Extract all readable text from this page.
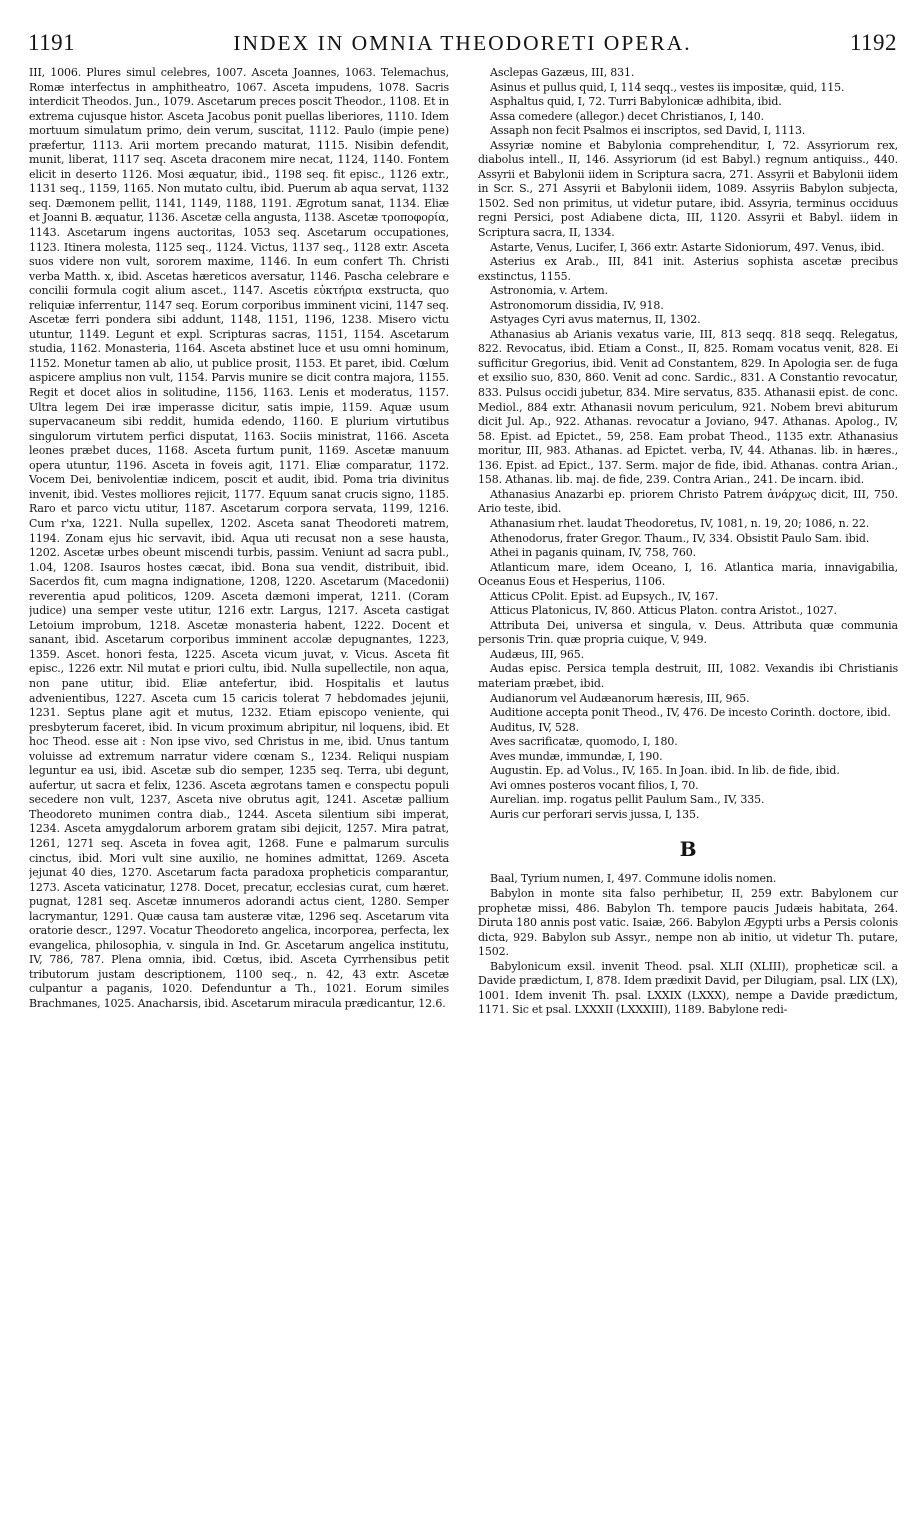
1191	INDEX IN OMNIA THEODORETI OPERA.	1192

III, 1006. Plures simul celebres, 1007. Asceta Joannes, 1063. Telemachus, Romæ interfectus in amphitheatro, 1067. Asceta impudens, 1078. Sacris interdicit Theodos. Jun., 1079. Ascetarum preces poscit Theodor., 1108. Et in extrema cujusque histor. Asceta Jacobus ponit puellas liberiores, 1110. Idem mortuum simulatum primo, dein verum, suscitat, 1112. Paulo (impie pene) præfertur, 1113. Arii mortem precando maturat, 1115. Nisibin defendit, munit, liberat, 1117 seq. Asceta draconem mire necat, 1124, 1140. Fontem elicit in deserto 1126. Mosi æquatur, ibid., 1198 seq. fit episc., 1126 extr., 1131 seq., 1159, 1165. Non mutato cultu, ibid. Puerum ab aqua servat, 1132 seq. Dæmonem pellit, 1141, 1149, 1188, 1191. Ægrotum sanat, 1134. Eliæ et Joanni B. æquatur, 1136. Ascetæ cella angusta, 1138. Ascetæ τροποφορία, 1143. Ascetarum ingens auctoritas, 1053 seq. Ascetarum occupationes, 1123. Itinera molesta, 1125 seq., 1124. Victus, 1137 seq., 1128 extr. Asceta suos videre non vult, sororem maxime, 1146. In eum confert Th. Christi verba Matth. x, ibid. Ascetas hæreticos aversatur, 1146. Pascha celebrare e concilii formula cogit alium ascet., 1147. Ascetis εὐκτήρια exstructa, quo reliquiæ inferrentur, 1147 seq. Eorum corporibus imminent vicini, 1147 seq. Ascetæ ferri pondera sibi addunt, 1148, 1151, 1196, 1238. Misero victu utuntur, 1149. Legunt et expl. Scripturas sacras, 1151, 1154. Ascetarum studia, 1162. Monasteria, 1164. Asceta abstinet luce et usu omni hominum, 1152. Monetur tamen ab alio, ut publice prosit, 1153. Et paret, ibid. Cœlum aspicere amplius non vult, 1154. Parvis munire se dicit contra majora, 1155. Regit et docet alios in solitudine, 1156, 1163. Lenis et moderatus, 1157. Ultra legem Dei iræ imperasse dicitur, satis impie, 1159. Aquæ usum supervacaneum sibi reddit, humida edendo, 1160. E plurium virtutibus singulorum virtutem perfici disputat, 1163. Sociis ministrat, 1166. Asceta leones præbet duces, 1168. Asceta furtum punit, 1169. Ascetæ manuum opera utuntur, 1196. Asceta in foveis agit, 1171. Eliæ comparatur, 1172. Vocem Dei, benivolentiæ indicem, poscit et audit, ibid. Poma tria divinitus invenit, ibid. Vestes molliores rejicit, 1177. Equum sanat crucis signo, 1185. Raro et parco victu utitur, 1187. Ascetarum corpora servata, 1199, 1216. Cum r'xa, 1221. Nulla supellex, 1202. Asceta sanat Theodoreti matrem, 1194. Zonam ejus hic servavit, ibid. Aqua uti recusat non a sese hausta, 1202. Ascetæ urbes obeunt miscendi turbis, passim. Veniunt ad sacra publ., 1.04, 1208. Isauros hostes cæcat, ibid. Bona sua vendit, distribuit, ibid. Sacerdos fit, cum magna indignatione, 1208, 1220. Ascetarum (Macedonii) reverentia apud politicos, 1209. Asceta dæmoni imperat, 1211. (Coram judice) una semper veste utitur, 1216 extr. Largus, 1217. Asceta castigat Letoium improbum, 1218. Ascetæ monasteria habent, 1222. Docent et sanant, ibid. Ascetarum corporibus imminent accolæ depugnantes, 1223, 1359. Ascet. honori festa, 1225. Asceta vicum juvat, v. Vicus. Asceta fit episc., 1226 extr. Nil mutat e priori cultu, ibid. Nulla supellectile, non aqua, non pane utitur, ibid. Eliæ antefertur, ibid. Hospitalis et lautus advenientibus, 1227. Asceta cum 15 caricis tolerat 7 hebdomades jejunii, 1231. Septus plane agit et mutus, 1232. Etiam episcopo veniente, qui presbyterum faceret, ibid. In vicum proximum abripitur, nil loquens, ibid. Et hoc Theod. esse ait : Non ipse vivo, sed Christus in me, ibid. Unus tantum voluisse ad extremum narratur videre cœnam S., 1234. Reliqui nuspiam leguntur ea usi, ibid. Ascetæ sub dio semper, 1235 seq. Terra, ubi degunt, aufertur, ut sacra et felix, 1236. Asceta ægrotans tamen e conspectu populi secedere non vult, 1237, Asceta nive obrutus agit, 1241. Ascetæ pallium Theodoreto munimen contra diab., 1244. Asceta silentium sibi imperat, 1234. Asceta amygdalorum arborem gratam sibi dejicit, 1257. Mira patrat, 1261, 1271 seq. Asceta in fovea agit, 1268. Fune e palmarum surculis cinctus, ibid. Mori vult sine auxilio, ne homines admittat, 1269. Asceta jejunat 40 dies, 1270. Ascetarum facta paradoxa propheticis comparantur, 1273. Asceta vaticinatur, 1278. Docet, precatur, ecclesias curat, cum hæret. pugnat, 1281 seq. Ascetæ innumeros adorandi actus cient, 1280. Semper lacrymantur, 1291. Quæ causa tam austeræ vitæ, 1296 seq. Ascetarum vita oratorie descr., 1297. Vocatur Theodoreto angelica, incorporea, perfecta, lex evangelica, philosophia, v. singula in Ind. Gr. Ascetarum angelica institutu, IV, 786, 787. Plena omnia, ibid. Cœtus, ibid. Asceta Cyrrhensibus petit tributorum justam descriptionem, 1100 seq., n. 42, 43 extr. Ascetæ culpantur a paganis, 1020. Defenduntur a Th., 1021. Eorum similes Brachmanes, 1025. Anacharsis, ibid. Ascetarum miracula prædicantur, 12.6.

Asclepas Gazæus, III, 831.

Asinus et pullus quid, I, 114 seqq., vestes iis impositæ, quid, 115.

Asphaltus quid, I, 72. Turri Babylonicæ adhibita, ibid.

Assa comedere (allegor.) decet Christianos, I, 140.

Assaph non fecit Psalmos ei inscriptos, sed David, I, 1113.

Assyriæ nomine et Babylonia comprehenditur, I, 72. Assyriorum rex, diabolus intell., II, 146. Assyriorum (id est Babyl.) regnum antiquiss., 440. Assyrii et Babylonii iidem in Scriptura sacra, 271. Assyrii et Babylonii iidem in Scr. S., 271 Assyrii et Babylonii iidem, 1089. Assyriis Babylon subjecta, 1502. Sed non primitus, ut videtur putare, ibid. Assyria, terminus occiduus regni Persici, post Adiabene dicta, III, 1120. Assyrii et Babyl. iidem in Scriptura sacra, II, 1334.

Astarte, Venus, Lucifer, I, 366 extr. Astarte Sidoniorum, 497. Venus, ibid.

Asterius ex Arab., III, 841 init. Asterius sophista ascetæ precibus exstinctus, 1155.

Astronomia, v. Artem.

Astronomorum dissidia, IV, 918.

Astyages Cyri avus maternus, II, 1302.

Athanasius ab Arianis vexatus varie, III, 813 seqq. 818 seqq. Relegatus, 822. Revocatus, ibid. Etiam a Const., II, 825. Romam vocatus venit, 828. Ei sufficitur Gregorius, ibid. Venit ad Constantem, 829. In Apologia ser. de fuga et exsilio suo, 830, 860. Venit ad conc. Sardic., 831. A Constantio revocatur, 833. Pulsus occidi jubetur, 834. Mire servatus, 835. Athanasii epist. de conc. Mediol., 884 extr. Athanasii novum periculum, 921. Nobem brevi abiturum dicit Jul. Ap., 922. Athanas. revocatur a Joviano, 947. Athanas. Apolog., IV, 58. Epist. ad Epictet., 59, 258. Eam probat Theod., 1135 extr. Athanasius moritur, III, 983. Athanas. ad Epictet. verba, IV, 44. Athanas. lib. in hæres., 136. Epist. ad Epict., 137. Serm. major de fide, ibid. Athanas. contra Arian., 158. Athanas. lib. maj. de fide, 239. Contra Arian., 241. De incarn. ibid.

Athanasius Anazarbi ep. priorem Christo Patrem ἀνάρχως dicit, III, 750. Ario teste, ibid.

Athanasium rhet. laudat Theodoretus, IV, 1081, n. 19, 20; 1086, n. 22.

Athenodorus, frater Gregor. Thaum., IV, 334. Obsistit Paulo Sam. ibid.

Athei in paganis quinam, IV, 758, 760.

Atlanticum mare, idem Oceano, I, 16. Atlantica maria, innavigabilia, Oceanus Eous et Hesperius, 1106.

Atticus CPolit. Epist. ad Eupsych., IV, 167.

Atticus Platonicus, IV, 860. Atticus Platon. contra Aristot., 1027.

Attributa Dei, universa et singula, v. Deus. Attributa quæ communia personis Trin. quæ propria cuique, V, 949.

Audæus, III, 965.

Audas episc. Persica templa destruit, III, 1082. Vexandis ibi Christianis materiam præbet, ibid.

Audianorum vel Audæanorum hæresis, III, 965.

Auditione accepta ponit Theod., IV, 476. De incesto Corinth. doctore, ibid.

Auditus, IV, 528.

Aves sacrificatæ, quomodo, I, 180.

Aves mundæ, immundæ, I, 190.

Augustin. Ep. ad Volus., IV, 165. In Joan. ibid. In lib. de fide, ibid.

Avi omnes posteros vocant filios, I, 70.

Aurelian. imp. rogatus pellit Paulum Sam., IV, 335.

Auris cur perforari servis jussa, I, 135.

B

Baal, Tyrium numen, I, 497. Commune idolis nomen.

Babylon in monte sita falso perhibetur, II, 259 extr. Babylonem cur prophetæ missi, 486. Babylon Th. tempore paucis Judæis habitata, 264. Diruta 180 annis post vatic. Isaiæ, 266. Babylon Ægypti urbs a Persis colonis dicta, 929. Babylon sub Assyr., nempe non ab initio, ut videtur Th. putare, 1502.

Babylonicum exsil. invenit Theod. psal. XLII (XLIII), propheticæ scil. a Davide prædictum, I, 878. Idem prædixit David, per Dilugiam, psal. LIX (LX), 1001. Idem invenit Th. psal. LXXIX (LXXX), nempe a Davide prædictum, 1171. Sic et psal. LXXXII (LXXXIII), 1189. Babylone redi-
